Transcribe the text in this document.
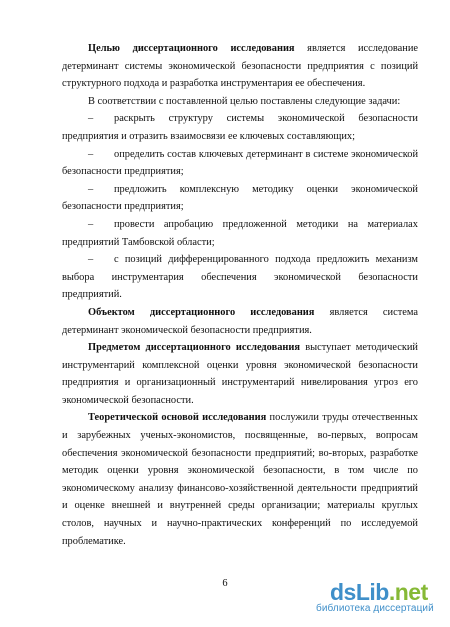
Целью диссертационного исследования является исследование детерминант системы экономической безопасности предприятия с позиций структурного подхода и разработка инструментария ее обеспечения.

В соответствии с поставленной целью поставлены следующие задачи:

– раскрыть структуру системы экономической безопасности предприятия и отразить взаимосвязи ее ключевых составляющих;

– определить состав ключевых детерминант в системе экономической безопасности предприятия;

– предложить комплексную методику оценки экономической безопасности предприятия;

– провести апробацию предложенной методики на материалах предприятий Тамбовской области;

– с позиций дифференцированного подхода предложить механизм выбора инструментария обеспечения экономической безопасности предприятий.

Объектом диссертационного исследования является система детерминант экономической безопасности предприятия.

Предметом диссертационного исследования выступает методический инструментарий комплексной оценки уровня экономической безопасности предприятия и организационный инструментарий нивелирования угроз его экономической безопасности.

Теоретической основой исследования послужили труды отечественных и зарубежных ученых-экономистов, посвященные, во-первых, вопросам обеспечения экономической безопасности предприятий; во-вторых, разработке методик оценки уровня экономической безопасности, в том числе по экономическому анализу финансово-хозяйственной деятельности предприятий и оценке внешней и внутренней среды организации; материалы круглых столов, научных и научно-практических конференций по исследуемой проблематике.

6	dsLib.net
библиотека диссертаций
